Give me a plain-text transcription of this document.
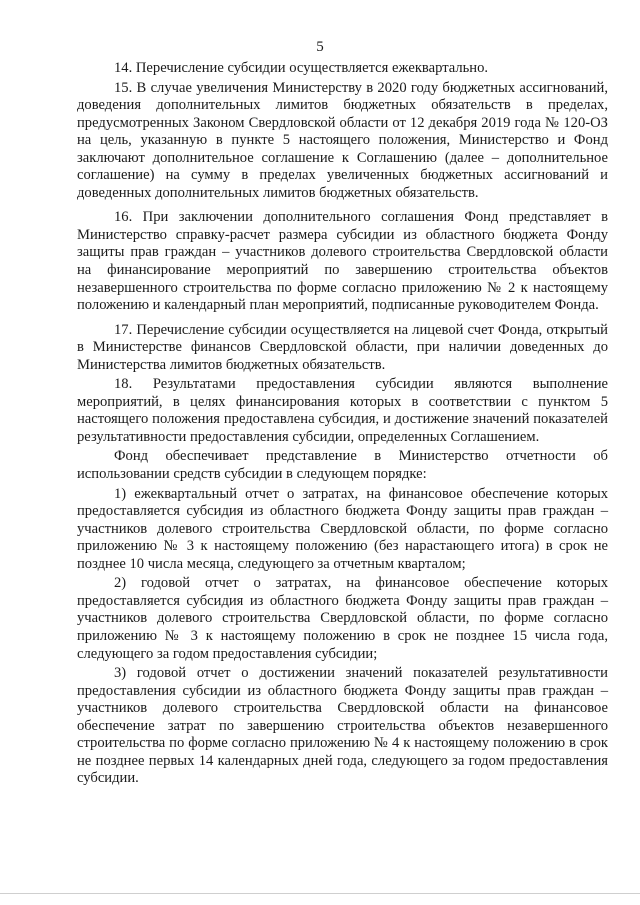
5

14. Перечисление субсидии осуществляется ежеквартально.

15. В случае увеличения Министерству в 2020 году бюджетных ассигнований, доведения дополнительных лимитов бюджетных обязательств в пределах, предусмотренных Законом Свердловской области от 12 декабря 2019 года № 120-ОЗ на цель, указанную в пункте 5 настоящего положения, Министерство и Фонд заключают дополнительное соглашение к Соглашению (далее – дополнительное соглашение) на сумму в пределах увеличенных бюджетных ассигнований и доведенных дополнительных лимитов бюджетных обязательств.

16. При заключении дополнительного соглашения Фонд представляет в Министерство справку-расчет размера субсидии из областного бюджета Фонду защиты прав граждан – участников долевого строительства Свердловской области на финансирование мероприятий по завершению строительства объектов незавершенного строительства по форме согласно приложению № 2 к настоящему положению и календарный план мероприятий, подписанные руководителем Фонда.

17. Перечисление субсидии осуществляется на лицевой счет Фонда, открытый в Министерстве финансов Свердловской области, при наличии доведенных до Министерства лимитов бюджетных обязательств.

18. Результатами предоставления субсидии являются выполнение мероприятий, в целях финансирования которых в соответствии с пунктом 5 настоящего положения предоставлена субсидия, и достижение значений показателей результативности предоставления субсидии, определенных Соглашением.

Фонд обеспечивает представление в Министерство отчетности об использовании средств субсидии в следующем порядке:

1) ежеквартальный отчет о затратах, на финансовое обеспечение которых предоставляется субсидия из областного бюджета Фонду защиты прав граждан – участников долевого строительства Свердловской области, по форме согласно приложению № 3 к настоящему положению (без нарастающего итога) в срок не позднее 10 числа месяца, следующего за отчетным кварталом;

2) годовой отчет о затратах, на финансовое обеспечение которых предоставляется субсидия из областного бюджета Фонду защиты прав граждан – участников долевого строительства Свердловской области, по форме согласно приложению № 3 к настоящему положению в срок не позднее 15 числа года, следующего за годом предоставления субсидии;

3) годовой отчет о достижении значений показателей результативности предоставления субсидии из областного бюджета Фонду защиты прав граждан – участников долевого строительства Свердловской области на финансовое обеспечение затрат по завершению строительства объектов незавершенного строительства по форме согласно приложению № 4 к настоящему положению в срок не позднее первых 14 календарных дней года, следующего за годом предоставления субсидии.
